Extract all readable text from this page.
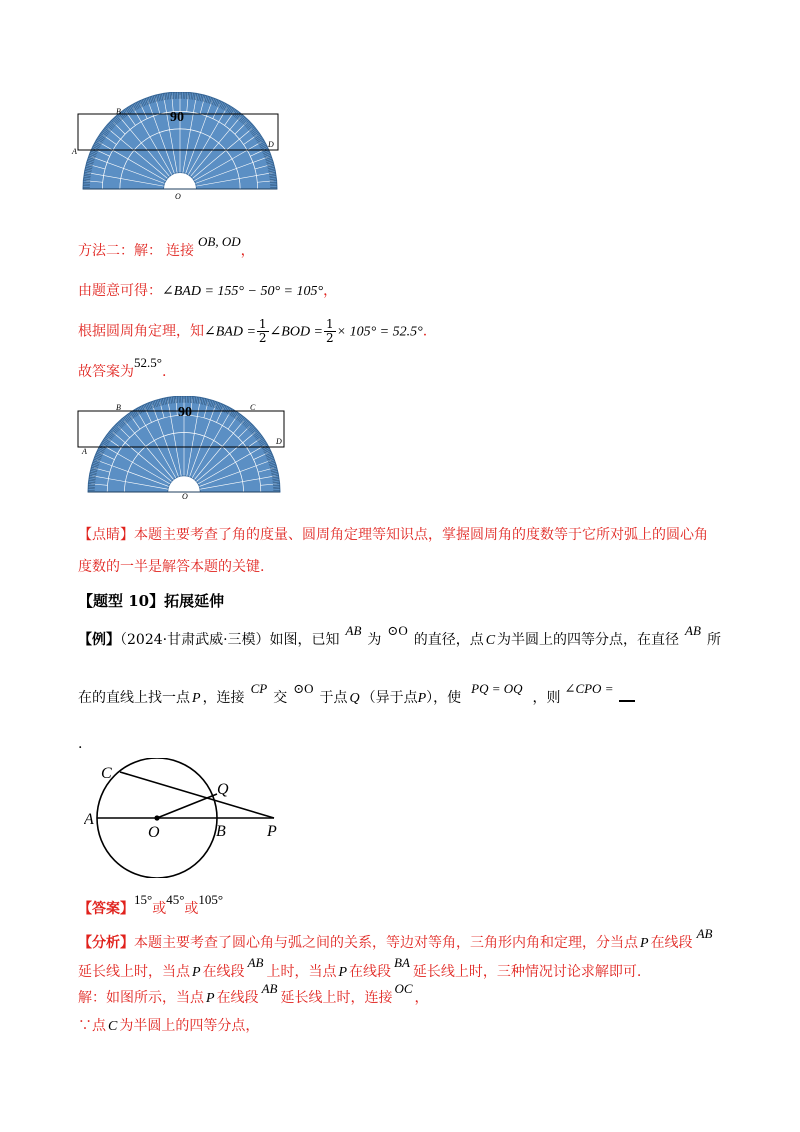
90
B
D
A
O
方法二：解： 连接OB, OD，
由题意可得：∠BAD = 155° − 50° = 105°，
根据圆周角定理，知∠BAD = $\frac{1}{2}$ ∠BOD = $\frac{1}{2} \times 105^\circ = 52.5^\circ$.
故答案为52.5°.
90
B	C
D
A
O
【点睛】本题主要考查了角的度量、圆周角定理等知识点，掌握圆周角的度数等于它所对弧上的圆心角
度数的一半是解答本题的关键.
【题型 10】拓展延伸
【例】（2024·甘肃武威·三模）如图，已知AB为⊙O的直径，点 C 为半圆上的四等分点，在直径AB所
在的直线上找一点 P ，连接CP交⊙O于点 Q （异于点P），使PQ = OQ，则∠CPO =
.
C
Q
A
O	B	P
【答案】15°或45°或105°
【分析】本题主要考查了圆心角与弧之间的关系，等边对等角，三角形内角和定理，分当点 P 在线段AB
延长线上时，当点 P 在线段AB上时，当点 P 在线段BA延长线上时，三种情况讨论求解即可.
解：如图所示，当点 P 在线段AB延长线上时，连接OC，
∵点 C 为半圆上的四等分点，
